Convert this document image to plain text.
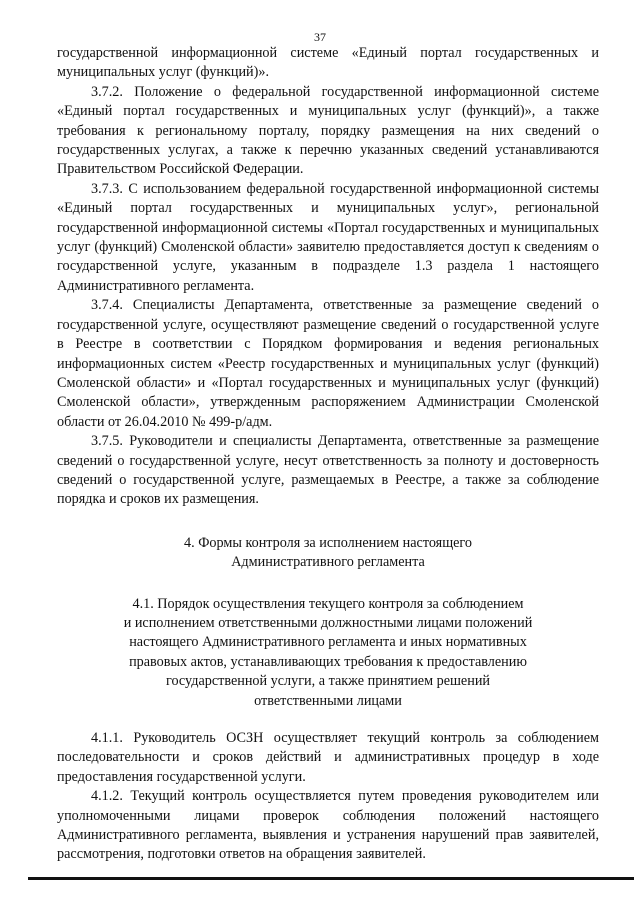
37

государственной информационной системе «Единый портал государственных и муниципальных услуг (функций)».

3.7.2. Положение о федеральной государственной информационной системе «Единый портал государственных и муниципальных услуг (функций)», а также требования к региональному порталу, порядку размещения на них сведений о государственных услугах, а также к перечню указанных сведений устанавливаются Правительством Российской Федерации.

3.7.3. С использованием федеральной государственной информационной системы «Единый портал государственных и муниципальных услуг», региональной государственной информационной системы «Портал государственных и муниципальных услуг (функций) Смоленской области» заявителю предоставляется доступ к сведениям о государственной услуге, указанным в подразделе 1.3 раздела 1 настоящего Административного регламента.

3.7.4. Специалисты Департамента, ответственные за размещение сведений о государственной услуге, осуществляют размещение сведений о государственной услуге в Реестре в соответствии с Порядком формирования и ведения региональных информационных систем «Реестр государственных и муниципальных услуг (функций) Смоленской области» и «Портал государственных и муниципальных услуг (функций) Смоленской области», утвержденным распоряжением Администрации Смоленской области от 26.04.2010 № 499-р/адм.

3.7.5. Руководители и специалисты Департамента, ответственные за размещение сведений о государственной услуге, несут ответственность за полноту и достоверность сведений о государственной услуге, размещаемых в Реестре, а также за соблюдение порядка и сроков их размещения.

4. Формы контроля за исполнением настоящего

Административного регламента

4.1. Порядок осуществления текущего контроля за соблюдением

и исполнением ответственными должностными лицами положений

настоящего Административного регламента и иных нормативных

правовых актов, устанавливающих требования к предоставлению

государственной услуги, а также принятием решений

ответственными лицами

4.1.1. Руководитель ОСЗН осуществляет текущий контроль за соблюдением последовательности и сроков действий и административных процедур в ходе предоставления государственной услуги.

4.1.2. Текущий контроль осуществляется путем проведения руководителем или уполномоченными лицами проверок соблюдения положений настоящего Административного регламента, выявления и устранения нарушений прав заявителей, рассмотрения, подготовки ответов на обращения заявителей.
